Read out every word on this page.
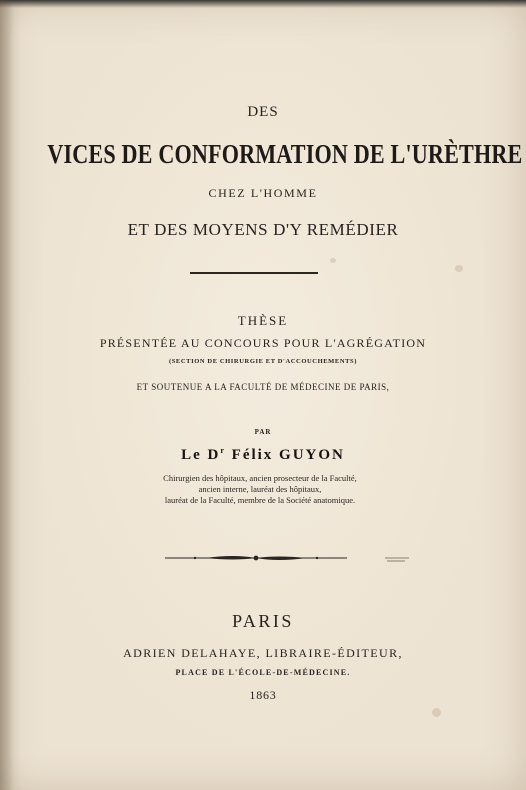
DES
VICES DE CONFORMATION DE L'URÈTHRE
CHEZ L'HOMME
ET DES MOYENS D'Y REMÉDIER
THÈSE
PRÉSENTÉE AU CONCOURS POUR L'AGRÉGATION
(SECTION DE CHIRURGIE ET D'ACCOUCHEMENTS)
ET SOUTENUE A LA FACULTÉ DE MÉDECINE DE PARIS,
PAR
Le $D^r$ Félix GUYON
Chirurgien des hôpitaux, ancien prosecteur de la Faculté,
ancien interne, lauréat des hôpitaux,
lauréat de la Faculté, membre de la Société anatomique.
PARIS
ADRIEN DELAHAYE, LIBRAIRE-ÉDITEUR,
PLACE DE L'ÉCOLE-DE-MÉDECINE.
1863
